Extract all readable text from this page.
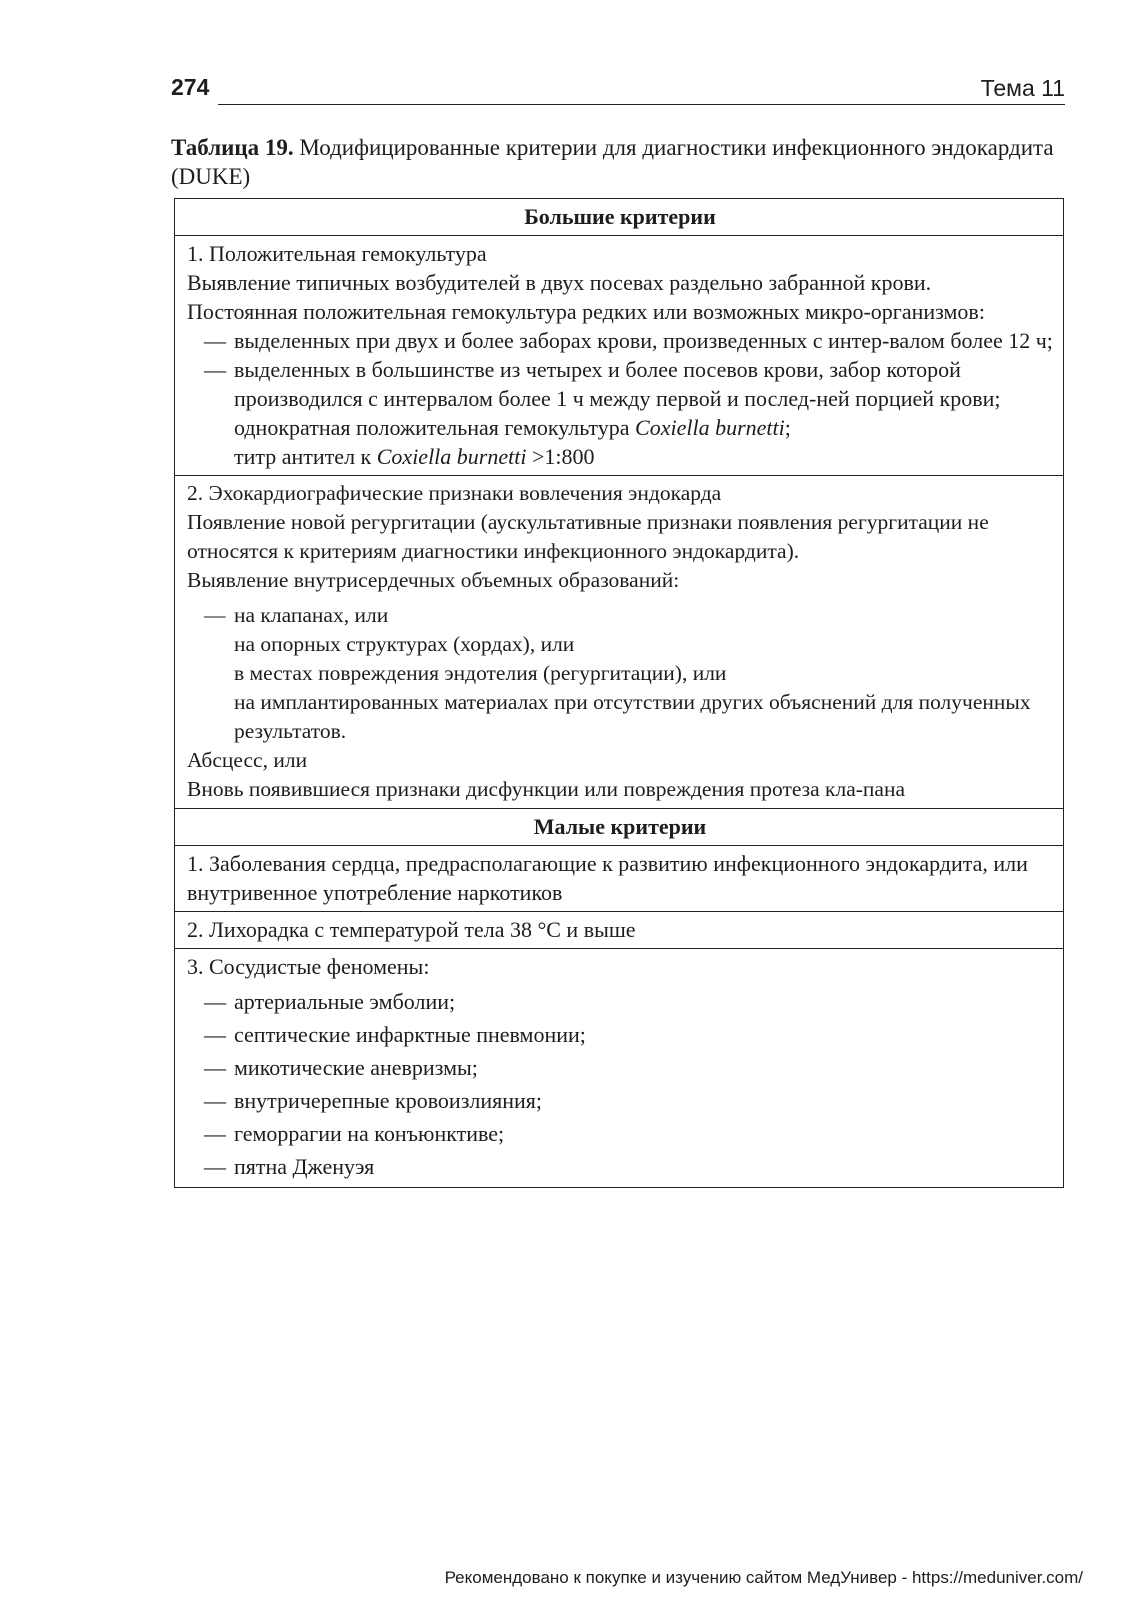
274	Тема 11
Таблица 19. Модифицированные критерии для диагностики инфекционного эндокардита (DUKE)
Большие критерии

1. Положительная гемокультура

Выявление типичных возбудителей в двух посевах раздельно забранной крови.

Постоянная положительная гемокультура редких или возможных микро-организмов:

— выделенных при двух и более заборах крови, произведенных с интер-валом более 12 ч;

— выделенных в большинстве из четырех и более посевов крови, забор которой производился с интервалом более 1 ч между первой и послед-ней порцией крови;

однократная положительная гемокультура Coxiella burnetti;

титр антител к Coxiella burnetti >1:800

2. Эхокардиографические признаки вовлечения эндокарда

Появление новой регургитации (аускультативные признаки появления регургитации не относятся к критериям диагностики инфекционного эндокардита).

Выявление внутрисердечных объемных образований:

— на клапанах, или

на опорных структурах (хордах), или

в местах повреждения эндотелия (регургитации), или

на имплантированных материалах при отсутствии других объяснений для полученных результатов.

Абсцесс, или

Вновь появившиеся признаки дисфункции или повреждения протеза кла-пана

Малые критерии
1. Заболевания сердца, предрасполагающие к развитию инфекционного эндокардита, или внутривенное употребление наркотиков
2. Лихорадка с температурой тела 38 °С и выше

3. Сосудистые феномены:

— артериальные эмболии;

— септические инфарктные пневмонии;

— микотические аневризмы;

— внутричерепные кровоизлияния;

— геморрагии на конъюнктиве;

— пятна Дженуэя

Рекомендовано к покупке и изучению сайтом МедУнивер - https://meduniver.com/
